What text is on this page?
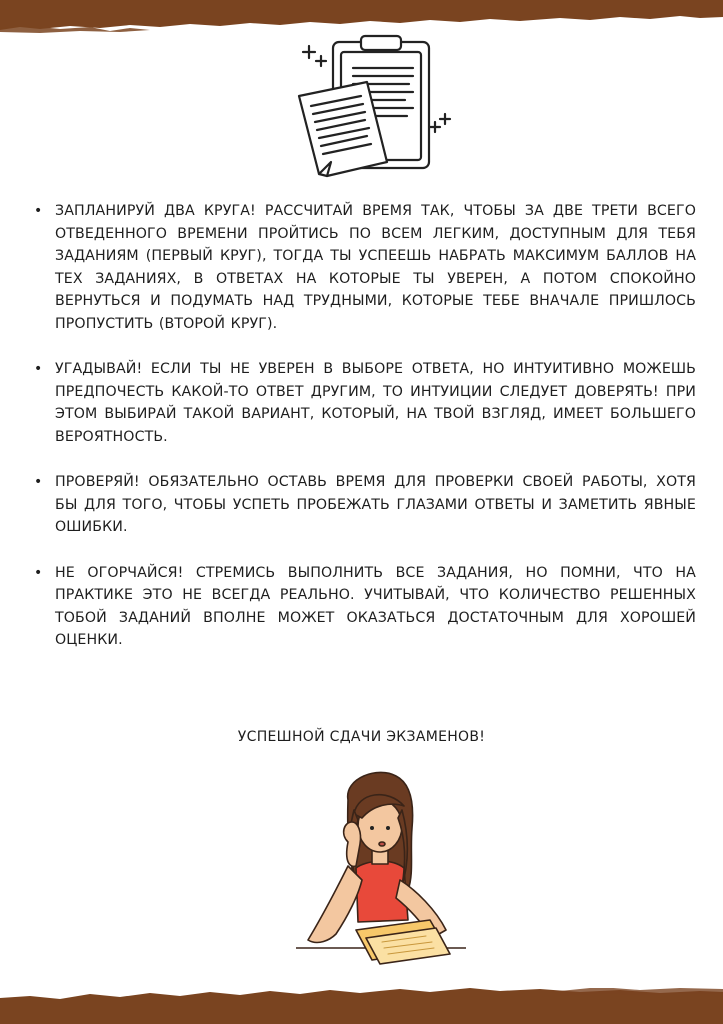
• ЗАПЛАНИРУЙ ДВА КРУГА! РАССЧИТАЙ ВРЕМЯ ТАК, ЧТОБЫ ЗА ДВЕ ТРЕТИ ВСЕГО ОТВЕДЕННОГО ВРЕМЕНИ ПРОЙТИСЬ ПО ВСЕМ ЛЕГКИМ, ДОСТУПНЫМ ДЛЯ ТЕБЯ ЗАДАНИЯМ (ПЕРВЫЙ КРУГ), ТОГДА ТЫ УСПЕЕШЬ НАБРАТЬ МАКСИМУМ БАЛЛОВ НА ТЕХ ЗАДАНИЯХ, В ОТВЕТАХ НА КОТОРЫЕ ТЫ УВЕРЕН, А ПОТОМ СПОКОЙНО ВЕРНУТЬСЯ И ПОДУМАТЬ НАД ТРУДНЫМИ, КОТОРЫЕ ТЕБЕ ВНАЧАЛЕ ПРИШЛОСЬ ПРОПУСТИТЬ (ВТОРОЙ КРУГ).
• УГАДЫВАЙ! ЕСЛИ ТЫ НЕ УВЕРЕН В ВЫБОРЕ ОТВЕТА, НО ИНТУИТИВНО МОЖЕШЬ ПРЕДПОЧЕСТЬ КАКОЙ-ТО ОТВЕТ ДРУГИМ, ТО ИНТУИЦИИ СЛЕДУЕТ ДОВЕРЯТЬ! ПРИ ЭТОМ ВЫБИРАЙ ТАКОЙ ВАРИАНТ, КОТОРЫЙ, НА ТВОЙ ВЗГЛЯД, ИМЕЕТ БОЛЬШЕГО ВЕРОЯТНОСТЬ.
• ПРОВЕРЯЙ! ОБЯЗАТЕЛЬНО ОСТАВЬ ВРЕМЯ ДЛЯ ПРОВЕРКИ СВОЕЙ РАБОТЫ, ХОТЯ БЫ ДЛЯ ТОГО, ЧТОБЫ УСПЕТЬ ПРОБЕЖАТЬ ГЛАЗАМИ ОТВЕТЫ И ЗАМЕТИТЬ ЯВНЫЕ ОШИБКИ.
• НЕ ОГОРЧАЙСЯ! СТРЕМИСЬ ВЫПОЛНИТЬ ВСЕ ЗАДАНИЯ, НО ПОМНИ, ЧТО НА ПРАКТИКЕ ЭТО НЕ ВСЕГДА РЕАЛЬНО. УЧИТЫВАЙ, ЧТО КОЛИЧЕСТВО РЕШЕННЫХ ТОБОЙ ЗАДАНИЙ ВПОЛНЕ МОЖЕТ ОКАЗАТЬСЯ ДОСТАТОЧНЫМ ДЛЯ ХОРОШЕЙ ОЦЕНКИ.
УСПЕШНОЙ СДАЧИ ЭКЗАМЕНОВ!
